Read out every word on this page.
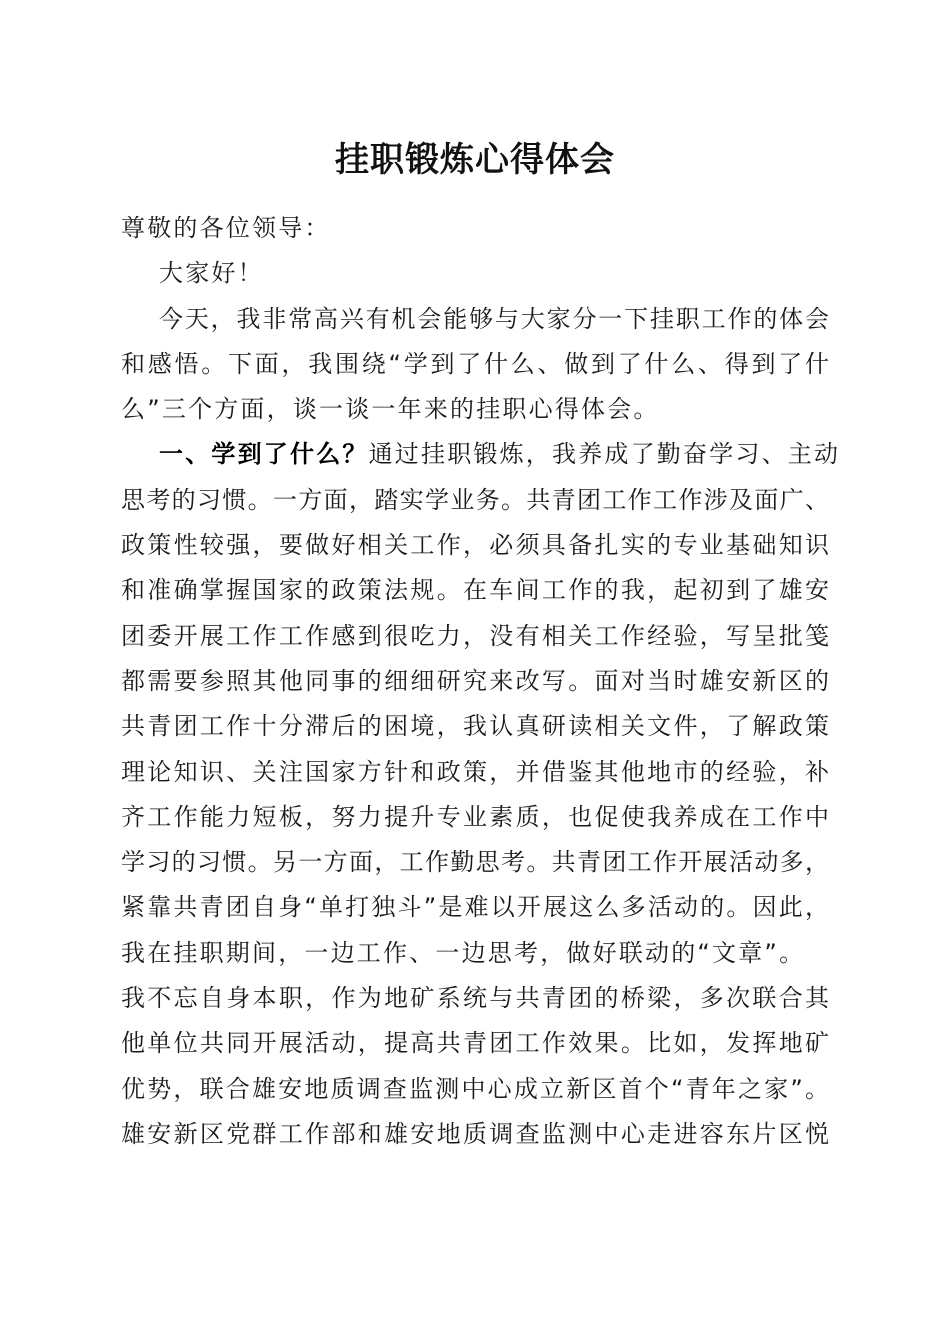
挂职锻炼心得体会
尊敬的各位领导：
大家好！
今天，我非常高兴有机会能够与大家分一下挂职工作的体会
和感悟。下面，我围绕“学到了什么、做到了什么、得到了什
么”三个方面，谈一谈一年来的挂职心得体会。
一、学到了什么？通过挂职锻炼，我养成了勤奋学习、主动
思考的习惯。一方面，踏实学业务。共青团工作工作涉及面广、
政策性较强，要做好相关工作，必须具备扎实的专业基础知识
和准确掌握国家的政策法规。在车间工作的我，起初到了雄安
团委开展工作工作感到很吃力，没有相关工作经验，写呈批笺
都需要参照其他同事的细细研究来改写。面对当时雄安新区的
共青团工作十分滞后的困境，我认真研读相关文件，了解政策
理论知识、关注国家方针和政策，并借鉴其他地市的经验，补
齐工作能力短板，努力提升专业素质，也促使我养成在工作中
学习的习惯。另一方面，工作勤思考。共青团工作开展活动多，
紧靠共青团自身“单打独斗”是难以开展这么多活动的。因此，
我在挂职期间，一边工作、一边思考，做好联动的“文章”。
我不忘自身本职，作为地矿系统与共青团的桥梁，多次联合其
他单位共同开展活动，提高共青团工作效果。比如，发挥地矿
优势，联合雄安地质调查监测中心成立新区首个“青年之家”。
雄安新区党群工作部和雄安地质调查监测中心走进容东片区悦
